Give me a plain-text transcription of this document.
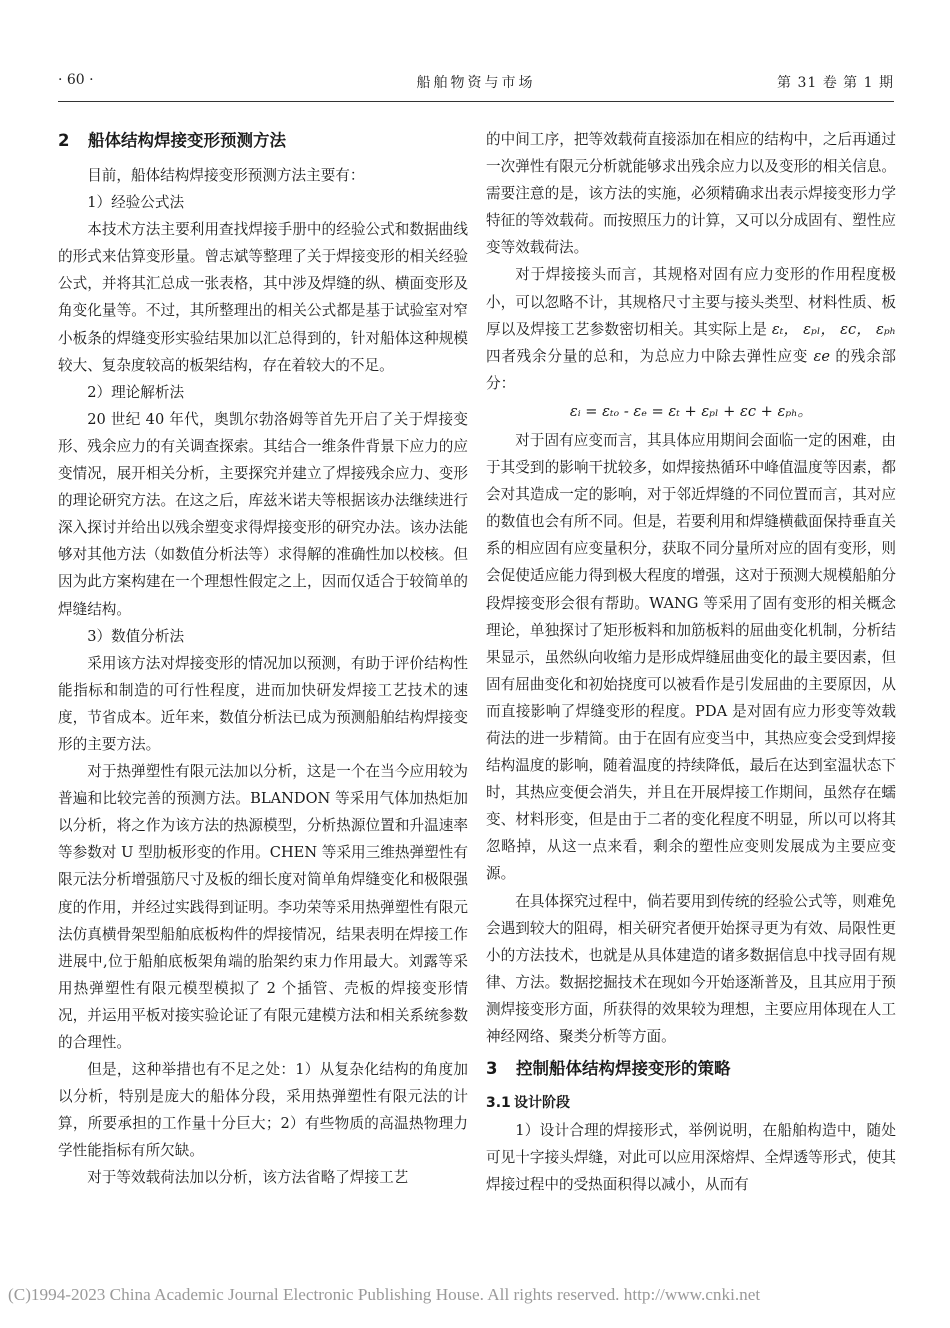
· 60 ·	船舶物资与市场	第 31 卷 第 1 期

2 船体结构焊接变形预测方法

目前，船体结构焊接变形预测方法主要有：

1）经验公式法

本技术方法主要利用查找焊接手册中的经验公式和数据曲线的形式来估算变形量。曾志斌等整理了关于焊接变形的相关经验公式，并将其汇总成一张表格，其中涉及焊缝的纵、横面变形及角变化量等。不过，其所整理出的相关公式都是基于试验室对窄小板条的焊缝变形实验结果加以汇总得到的，针对船体这种规模较大、复杂度较高的板架结构，存在着较大的不足。

2）理论解析法

20 世纪 40 年代，奥凯尔勃洛姆等首先开启了关于焊接变形、残余应力的有关调查探索。其结合一维条件背景下应力的应变情况，展开相关分析，主要探究并建立了焊接残余应力、变形的理论研究方法。在这之后，库兹米诺夫等根据该办法继续进行深入探讨并给出以残余塑变求得焊接变形的研究办法。该办法能够对其他方法（如数值分析法等）求得解的准确性加以校核。但因为此方案构建在一个理想性假定之上，因而仅适合于较简单的焊缝结构。

3）数值分析法

采用该方法对焊接变形的情况加以预测，有助于评价结构性能指标和制造的可行性程度，进而加快研发焊接工艺技术的速度，节省成本。近年来，数值分析法已成为预测船舶结构焊接变形的主要方法。

对于热弹塑性有限元法加以分析，这是一个在当今应用较为普遍和比较完善的预测方法。BLANDON 等采用气体加热炬加以分析，将之作为该方法的热源模型，分析热源位置和升温速率等参数对 U 型肋板形变的作用。CHEN 等采用三维热弹塑性有限元法分析增强筋尺寸及板的细长度对简单角焊缝变化和极限强度的作用，并经过实践得到证明。李功荣等采用热弹塑性有限元法仿真横骨架型船舶底板构件的焊接情况，结果表明在焊接工作进展中,位于船舶底板架角端的胎架约束力作用最大。刘露等采用热弹塑性有限元模型模拟了 2 个插管、壳板的焊接变形情况，并运用平板对接实验论证了有限元建模方法和相关系统参数的合理性。

但是，这种举措也有不足之处：1）从复杂化结构的角度加以分析，特别是庞大的船体分段，采用热弹塑性有限元法的计算，所要承担的工作量十分巨大；2）有些物质的高温热物理力学性能指标有所欠缺。

对于等效载荷法加以分析，该方法省略了焊接工艺

的中间工序，把等效载荷直接添加在相应的结构中，之后再通过一次弹性有限元分析就能够求出残余应力以及变形的相关信息。需要注意的是，该方法的实施，必须精确求出表示焊接变形力学特征的等效载荷。而按照压力的计算，又可以分成固有、塑性应变等效载荷法。

对于焊接接头而言，其规格对固有应力变形的作用程度极小，可以忽略不计，其规格尺寸主要与接头类型、材料性质、板厚以及焊接工艺参数密切相关。其实际上是 εₜ， εₚₗ， εc， εₚₕ 四者残余分量的总和，为总应力中除去弹性应变 εe 的残余部分：

εᵢ = εₜₒ - εₑ = εₜ + εₚₗ + εc + εₚₕ。

对于固有应变而言，其具体应用期间会面临一定的困难，由于其受到的影响干扰较多，如焊接热循环中峰值温度等因素，都会对其造成一定的影响，对于邻近焊缝的不同位置而言，其对应的数值也会有所不同。但是，若要利用和焊缝横截面保持垂直关系的相应固有应变量积分，获取不同分量所对应的固有变形，则会促使适应能力得到极大程度的增强，这对于预测大规模船舶分段焊接变形会很有帮助。WANG 等采用了固有变形的相关概念理论，单独探讨了矩形板料和加筋板料的屈曲变化机制，分析结果显示，虽然纵向收缩力是形成焊缝屈曲变化的最主要因素，但固有屈曲变化和初始挠度可以被看作是引发屈曲的主要原因，从而直接影响了焊缝变形的程度。PDA 是对固有应力形变等效载荷法的进一步精简。由于在固有应变当中，其热应变会受到焊接结构温度的影响，随着温度的持续降低，最后在达到室温状态下时，其热应变便会消失，并且在开展焊接工作期间，虽然存在蠕变、材料形变，但是由于二者的变化程度不明显，所以可以将其忽略掉，从这一点来看，剩余的塑性应变则发展成为主要应变源。

在具体探究过程中，倘若要用到传统的经验公式等，则难免会遇到较大的阻碍，相关研究者便开始探寻更为有效、局限性更小的方法技术，也就是从具体建造的诸多数据信息中找寻固有规律、方法。数据挖掘技术在现如今开始逐渐普及，且其应用于预测焊接变形方面，所获得的效果较为理想，主要应用体现在人工神经网络、聚类分析等方面。

3 控制船体结构焊接变形的策略

3.1 设计阶段

1）设计合理的焊接形式，举例说明，在船舶构造中，随处可见十字接头焊缝，对此可以应用深熔焊、全焊透等形式，使其焊接过程中的受热面积得以减小，从而有

(C)1994-2023 China Academic Journal Electronic Publishing House. All rights reserved. http://www.cnki.net
